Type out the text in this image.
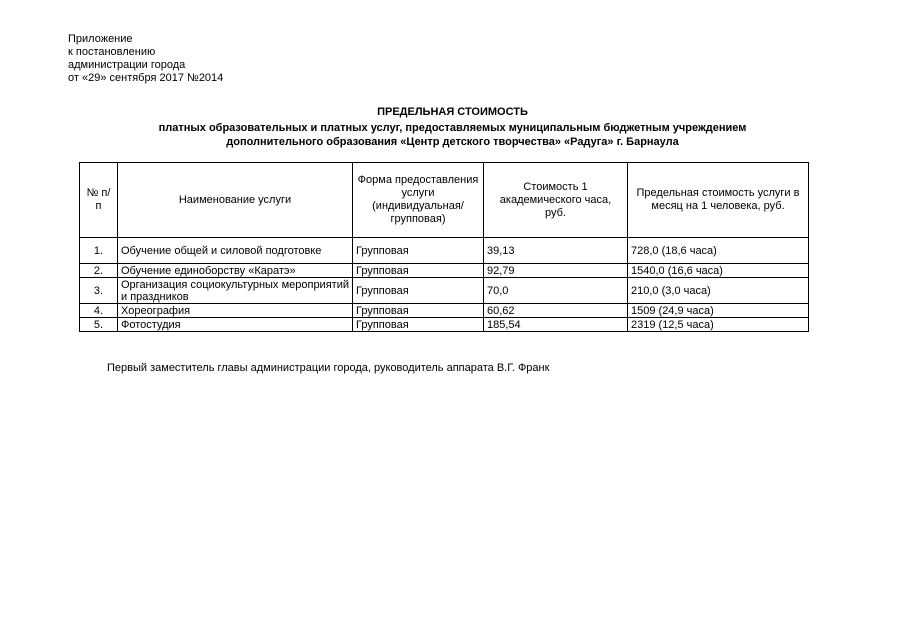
Приложение
к постановлению
администрации города
от «29» сентября 2017 №2014
ПРЕДЕЛЬНАЯ СТОИМОСТЬ
платных образовательных и платных услуг, предоставляемых муниципальным бюджетным учреждением
дополнительного образования «Центр детского творчества» «Радуга» г. Барнаула
№ п/п	Наименование услуги	Форма предоставления услуги (индивидуальная/ групповая)	Стоимость 1 академического часа, руб.	Предельная стоимость услуги в месяц на 1 человека, руб.
1.	Обучение общей и силовой подготовке	Групповая	39,13	728,0 (18,6 часа)
2.	Обучение единоборству «Каратэ»	Групповая	92,79	1540,0 (16,6 часа)
3.	Организация социокультурных мероприятий и праздников	Групповая	70,0	210,0 (3,0 часа)
4.	Хореография	Групповая	60,62	1509 (24,9 часа)
5.	Фотостудия	Групповая	185,54	2319 (12,5 часа)
Первый заместитель главы администрации города, руководитель аппарата В.Г. Франк
